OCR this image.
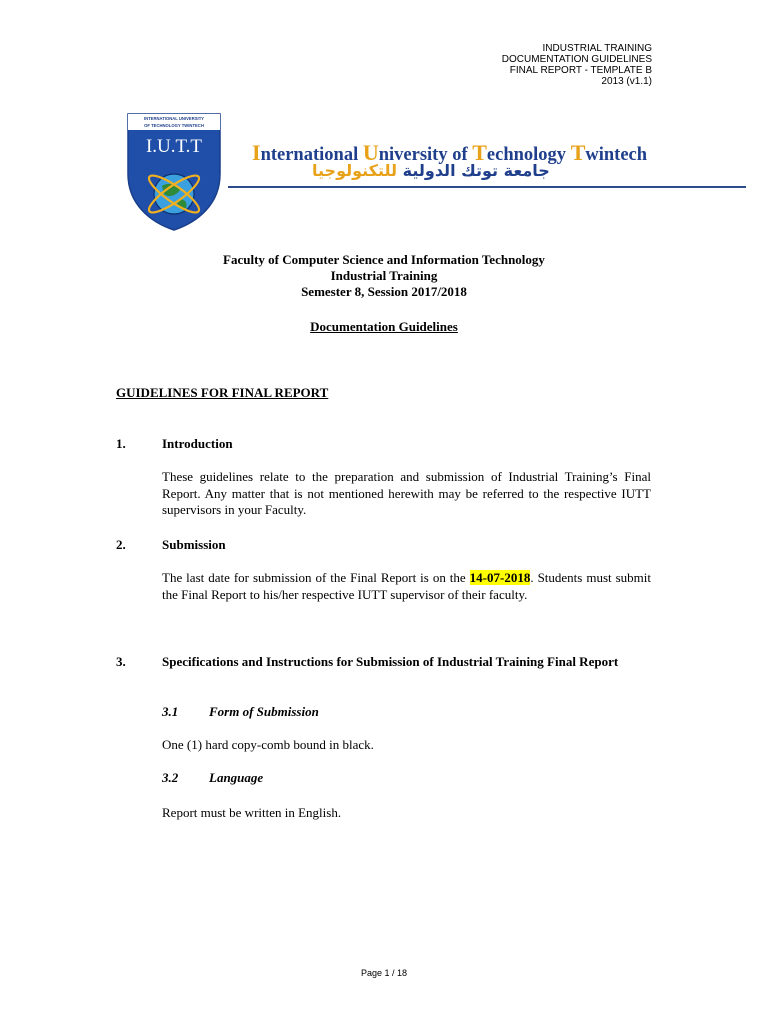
INDUSTRIAL TRAINING
DOCUMENTATION GUIDELINES
FINAL REPORT - TEMPLATE B
2013 (v1.1)
INTERNATIONAL UNIVERSITY
OF TECHNOLOGY TWINTECH
I.U.T.T International University of Technology Twintech
جامعة توتك الدولية للتكنولوجيا
Faculty of Computer Science and Information Technology
Industrial Training
Semester 8, Session 2017/2018
Documentation Guidelines
GUIDELINES FOR FINAL REPORT
1.	Introduction
These guidelines relate to the preparation and submission of Industrial Training’s Final Report. Any matter that is not mentioned herewith may be referred to the respective IUTT supervisors in your Faculty.
2.	Submission
The last date for submission of the Final Report is on the 14-07-2018. Students must submit the Final Report to his/her respective IUTT supervisor of their faculty.
3.	Specifications and Instructions for Submission of Industrial Training Final Report
3.1 Form of Submission
One (1) hard copy-comb bound in black.
3.2 Language
Report must be written in English.
Page 1 / 18
